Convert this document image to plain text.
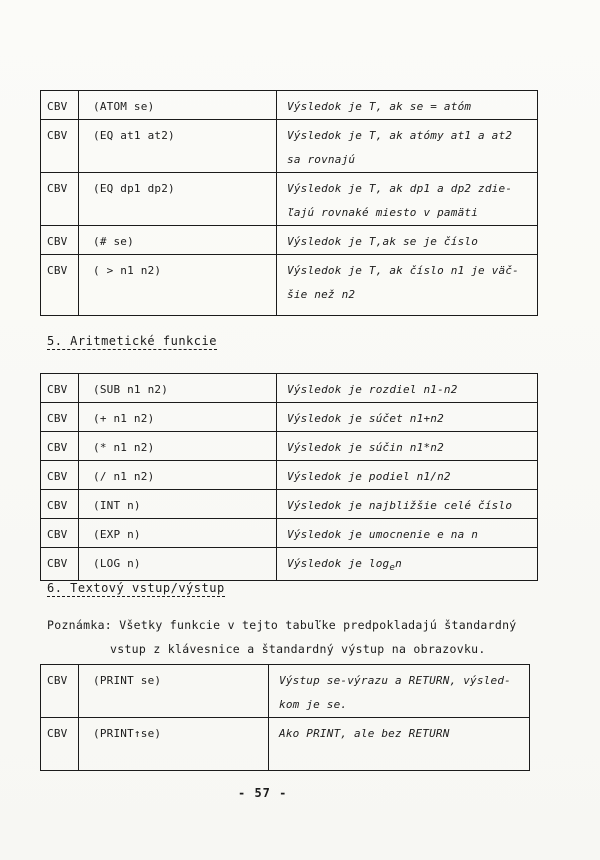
CBV	(ATOM se)	Výsledok je T, ak se = atóm

CBV	(EQ at1 at2)	Výsledok je T, ak atómy at1 a at2
sa rovnajú

CBV	(EQ dp1 dp2)	Výsledok je T, ak dp1 a dp2 zdie-
ľajú rovnaké miesto v pamäti

CBV	(# se)	Výsledok je T,ak se je číslo

CBV	( > n1 n2)	Výsledok je T, ak číslo n1 je väč-
šie než n2
5. Aritmetické funkcie
CBV	(SUB n1 n2)	Výsledok je rozdiel n1-n2
CBV	(+ n1 n2)	Výsledok je súčet n1+n2
CBV	(* n1 n2)	Výsledok je súčin n1*n2
CBV	(/ n1 n2)	Výsledok je podiel n1/n2
CBV	(INT n)	Výsledok je najbližšie celé číslo
CBV	(EXP n)	Výsledok je umocnenie e na n
CBV	(LOG n)	Výsledok je $\log_en$
6. Textový vstup/výstup
Poznámka: Všetky funkcie v tejto tabuľke predpokladajú štandardný
vstup z klávesnice a štandardný výstup na obrazovku.
CBV	(PRINT se)	Výstup se-výrazu a RETURN, výsled-
kom je se.

CBV	(PRINT↑se)	Ako PRINT, ale bez RETURN
- 57 -
